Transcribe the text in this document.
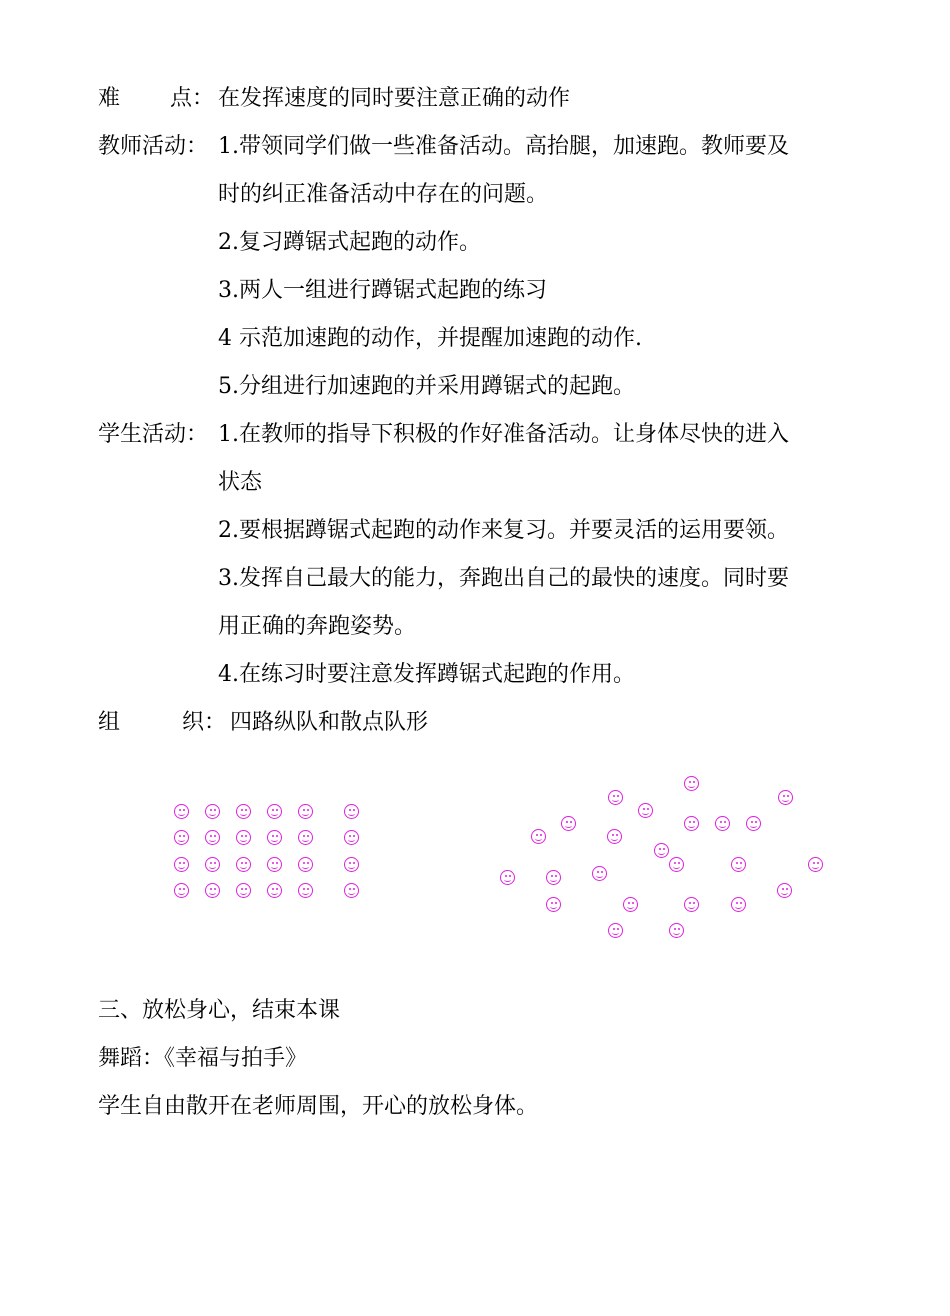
难 点： 在发挥速度的同时要注意正确的动作
教师活动： 1.带领同学们做一些准备活动。高抬腿，加速跑。教师要及
时的纠正准备活动中存在的问题。
2.复习蹲锯式起跑的动作。
3.两人一组进行蹲锯式起跑的练习
4 示范加速跑的动作，并提醒加速跑的动作.
5.分组进行加速跑的并采用蹲锯式的起跑。
学生活动： 1.在教师的指导下积极的作好准备活动。让身体尽快的进入
状态
2.要根据蹲锯式起跑的动作来复习。并要灵活的运用要领。
3.发挥自己最大的能力，奔跑出自己的最快的速度。同时要
用正确的奔跑姿势。
4.在练习时要注意发挥蹲锯式起跑的作用。
组	织： 四路纵队和散点队形
三、放松身心，结束本课
舞蹈：《幸福与拍手》
学生自由散开在老师周围，开心的放松身体。
